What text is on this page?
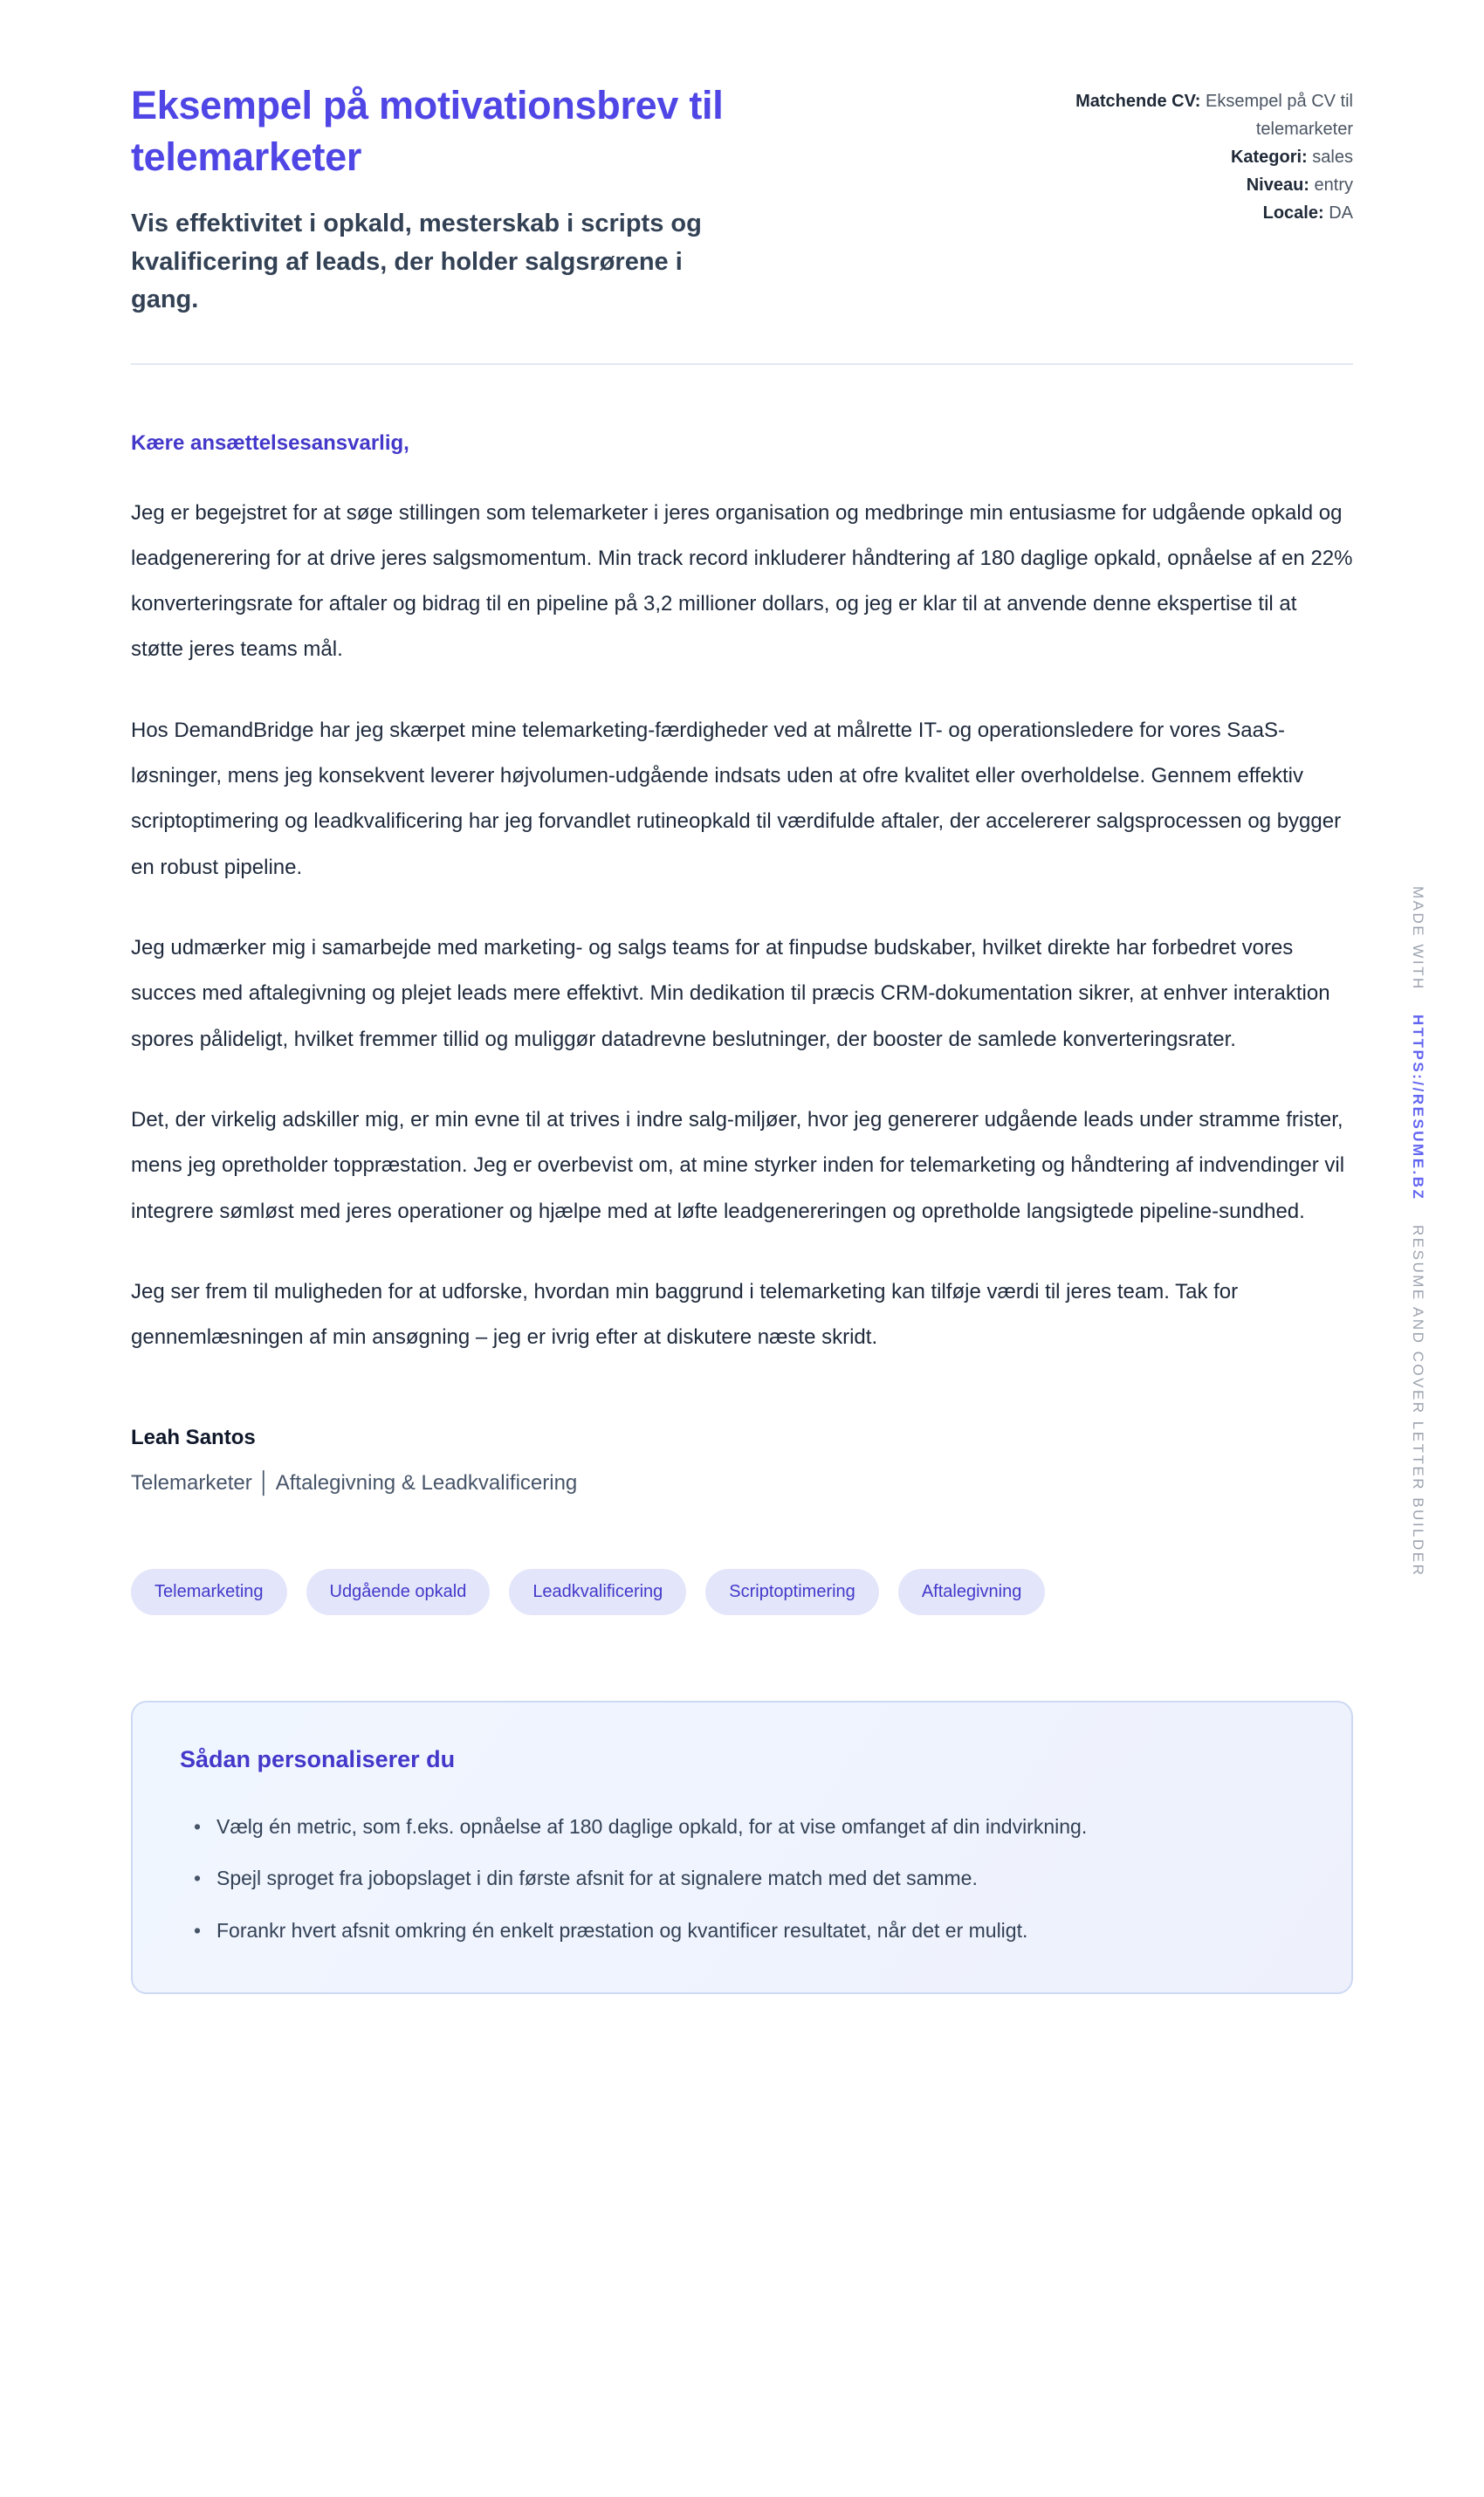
Eksempel på motivationsbrev til telemarketer

Vis effektivitet i opkald, mesterskab i scripts og kvalificering af leads, der holder salgsrørene i gang.

Matchende CV: Eksempel på CV til telemarketer

Kategori: sales

Niveau: entry

Locale: DA

Kære ansættelsesansvarlig,

Jeg er begejstret for at søge stillingen som telemarketer i jeres organisation og medbringe min entusiasme for udgående opkald og leadgenerering for at drive jeres salgsmomentum. Min track record inkluderer håndtering af 180 daglige opkald, opnåelse af en 22% konverteringsrate for aftaler og bidrag til en pipeline på 3,2 millioner dollars, og jeg er klar til at anvende denne ekspertise til at støtte jeres teams mål.

Hos DemandBridge har jeg skærpet mine telemarketing-færdigheder ved at målrette IT- og operationsledere for vores SaaS-løsninger, mens jeg konsekvent leverer højvolumen-udgående indsats uden at ofre kvalitet eller overholdelse. Gennem effektiv scriptoptimering og leadkvalificering har jeg forvandlet rutineopkald til værdifulde aftaler, der accelererer salgsprocessen og bygger en robust pipeline.

Jeg udmærker mig i samarbejde med marketing- og salgs teams for at finpudse budskaber, hvilket direkte har forbedret vores succes med aftalegivning og plejet leads mere effektivt. Min dedikation til præcis CRM-dokumentation sikrer, at enhver interaktion spores pålideligt, hvilket fremmer tillid og muliggør datadrevne beslutninger, der booster de samlede konverteringsrater.

Det, der virkelig adskiller mig, er min evne til at trives i indre salg-miljøer, hvor jeg genererer udgående leads under stramme frister, mens jeg opretholder toppræstation. Jeg er overbevist om, at mine styrker inden for telemarketing og håndtering af indvendinger vil integrere sømløst med jeres operationer og hjælpe med at løfte leadgenereringen og opretholde langsigtede pipeline-sundhed.

Jeg ser frem til muligheden for at udforske, hvordan min baggrund i telemarketing kan tilføje værdi til jeres team. Tak for gennemlæsningen af min ansøgning – jeg er ivrig efter at diskutere næste skridt.

Leah Santos

Telemarketer │ Aftalegivning & Leadkvalificering

Telemarketing	Udgående opkald	Leadkvalificering	Scriptoptimering	Aftalegivning
Sådan personaliserer du
• Vælg én metric, som f.eks. opnåelse af 180 daglige opkald, for at vise omfanget af din indvirkning.
• Spejl sproget fra jobopslaget i din første afsnit for at signalere match med det samme.
• Forankr hvert afsnit omkring én enkelt præstation og kvantificer resultatet, når det er muligt.
MADE WITH HTTPS://RESUME.BZ RESUME AND COVER LETTER BUILDER
